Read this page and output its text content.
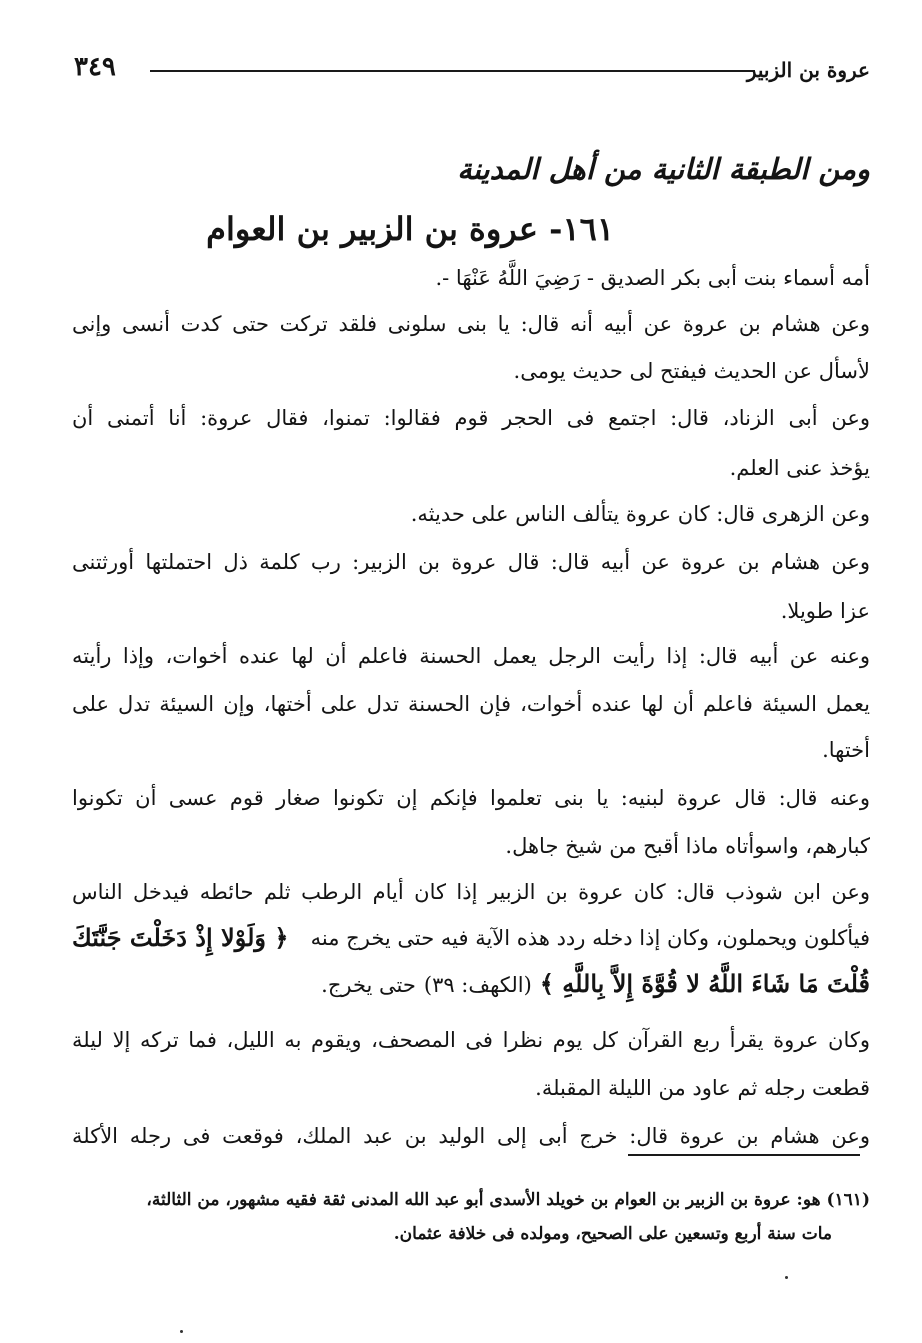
٣٤٩	عروة بن الزبير
ومن الطبقة الثانية من أهل المدينة
١٦١- عروة بن الزبير بن العوام
أمه أسماء بنت أبى بكر الصديق - رَضِيَ اللَّهُ عَنْهَا -.
وعن هشام بن عروة عن أبيه أنه قال: يا بنى سلونى فلقد تركت حتى كدت أنسى وإنى
لأسأل عن الحديث فيفتح لى حديث يومى.
وعن أبى الزناد، قال: اجتمع فى الحجر قوم فقالوا: تمنوا، فقال عروة: أنا أتمنى أن
يؤخذ عنى العلم.
وعن الزهرى قال: كان عروة يتألف الناس على حديثه.
وعن هشام بن عروة عن أبيه قال: قال عروة بن الزبير: رب كلمة ذل احتملتها أورثتنى
عزا طويلا.
وعنه عن أبيه قال: إذا رأيت الرجل يعمل الحسنة فاعلم أن لها عنده أخوات، وإذا رأيته
يعمل السيئة فاعلم أن لها عنده أخوات، فإن الحسنة تدل على أختها، وإن السيئة تدل على
أختها.
وعنه قال: قال عروة لبنيه: يا بنى تعلموا فإنكم إن تكونوا صغار قوم عسى أن تكونوا
كبارهم، واسوأتاه ماذا أقبح من شيخ جاهل.
وعن ابن شوذب قال: كان عروة بن الزبير إذا كان أيام الرطب ثلم حائطه فيدخل الناس
فيأكلون ويحملون، وكان إذا دخله ردد هذه الآية فيه حتى يخرج منه
﴿ وَلَوْلا إِذْ دَخَلْتَ جَنَّتَكَ
قُلْتَ مَا شَاءَ اللَّهُ لا قُوَّةَ إِلاَّ بِاللَّهِ ﴾
(الكهف: ٣٩)
حتى يخرج.
وكان عروة يقرأ ربع القرآن كل يوم نظرا فى المصحف، ويقوم به الليل، فما تركه إلا ليلة
قطعت رجله ثم عاود من الليلة المقبلة.
وعن هشام بن عروة قال: خرج أبى إلى الوليد بن عبد الملك، فوقعت فى رجله الأكلة
(١٦١) هو: عروة بن الزبير بن العوام بن خويلد الأسدى أبو عبد الله المدنى ثقة فقيه مشهور، من الثالثة،
مات سنة أربع وتسعين على الصحيح، ومولده فى خلافة عثمان.
